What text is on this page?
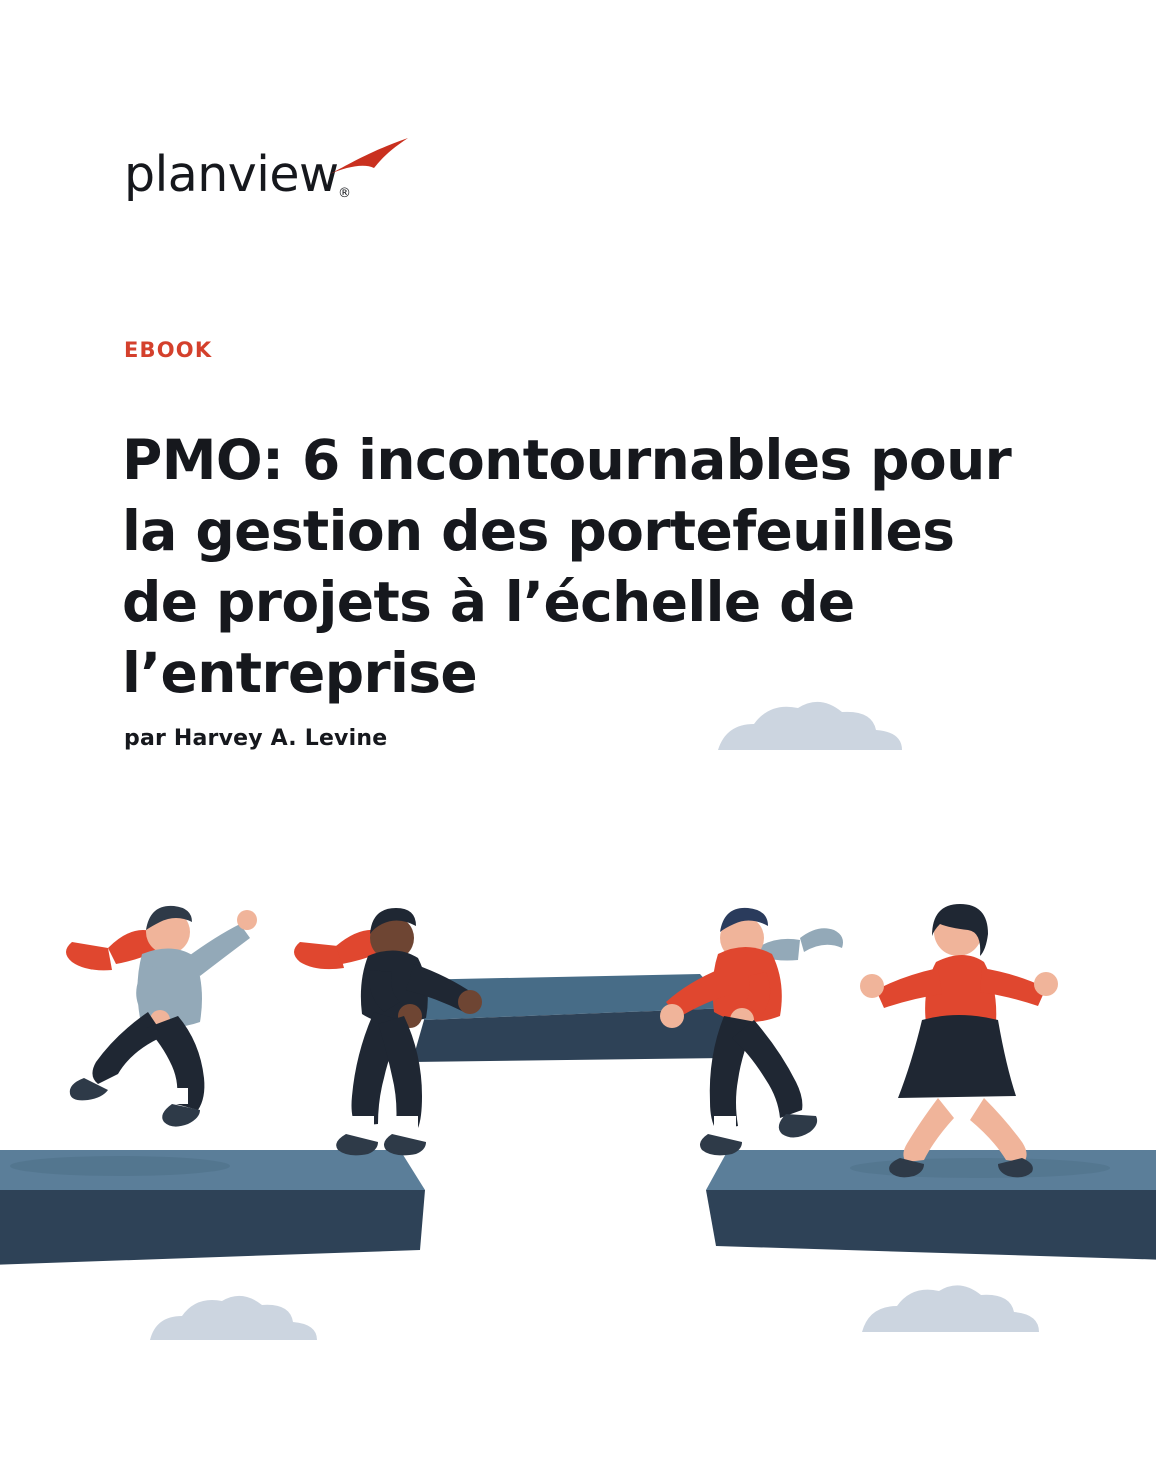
planview ®
EBOOK
PMO: 6 incontournables pour la gestion des portefeuilles de projets à l’échelle de l’entreprise
par Harvey A. Levine
